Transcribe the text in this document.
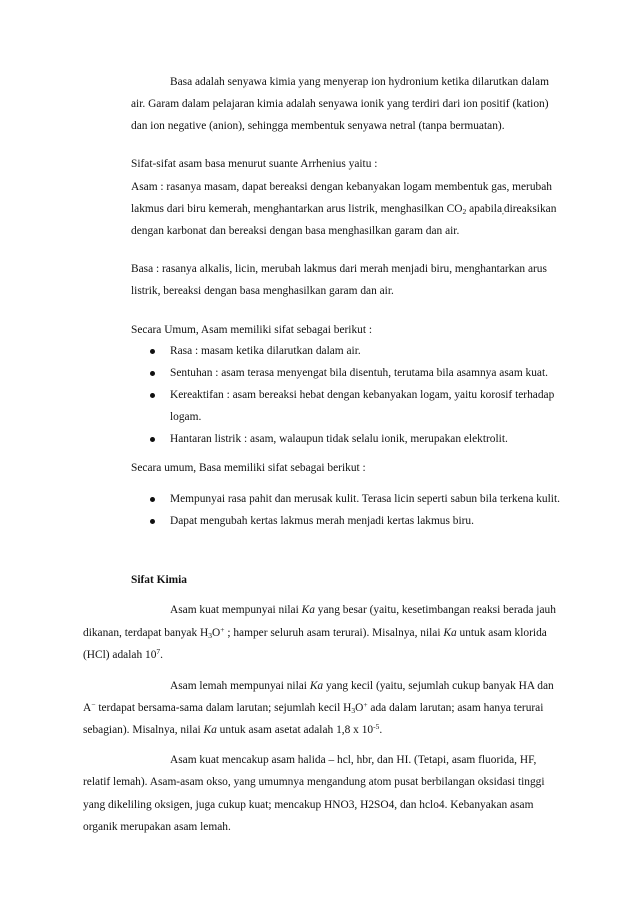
Basa adalah senyawa kimia yang menyerap ion hydronium ketika dilarutkan dalam
air. Garam dalam pelajaran kimia adalah senyawa ionik yang terdiri dari ion positif (kation)
dan ion negative (anion), sehingga membentuk senyawa netral (tanpa bermuatan).
Sifat-sifat asam basa menurut suante Arrhenius yaitu :
Asam : rasanya masam, dapat bereaksi dengan kebanyakan logam membentuk gas, merubah
lakmus dari biru kemerah, menghantarkan arus listrik, menghasilkan $CO_2$ apabila$_,$direaksikan
dengan karbonat dan bereaksi dengan basa menghasilkan garam dan air.
Basa : rasanya alkalis, licin, merubah lakmus dari merah menjadi biru, menghantarkan arus
listrik, bereaksi dengan basa menghasilkan garam dan air.
Secara Umum, Asam memiliki sifat sebagai berikut :
Rasa : masam ketika dilarutkan dalam air.
Sentuhan : asam terasa menyengat bila disentuh, terutama bila asamnya asam kuat.
Kereaktifan : asam bereaksi hebat dengan kebanyakan logam, yaitu korosif terhadap
logam.
Hantaran listrik : asam, walaupun tidak selalu ionik, merupakan elektrolit.
Secara umum, Basa memiliki sifat sebagai berikut :
Mempunyai rasa pahit dan merusak kulit. Terasa licin seperti sabun bila terkena kulit.
Dapat mengubah kertas lakmus merah menjadi kertas lakmus biru.
Sifat Kimia
Asam kuat mempunyai nilai Ka yang besar (yaitu, kesetimbangan reaksi berada jauh
dikanan, terdapat banyak $H_3O^+$ ; hamper seluruh asam terurai). Misalnya, nilai Ka untuk asam klorida
(HCl) adalah $10^7$.
Asam lemah mempunyai nilai Ka yang kecil (yaitu, sejumlah cukup banyak HA dan
A− terdapat bersama-sama dalam larutan; sejumlah kecil $H_3O^+$ ada dalam larutan; asam hanya terurai
sebagian). Misalnya, nilai Ka untuk asam asetat adalah 1,8 x $10^{-5}$.
Asam kuat mencakup asam halida – hcl, hbr, dan HI. (Tetapi, asam fluorida, HF,
relatif lemah). Asam-asam okso, yang umumnya mengandung atom pusat berbilangan oksidasi tinggi
yang dikeliling oksigen, juga cukup kuat; mencakup HNO3, H2SO4, dan hclo4. Kebanyakan asam
organik merupakan asam lemah.
